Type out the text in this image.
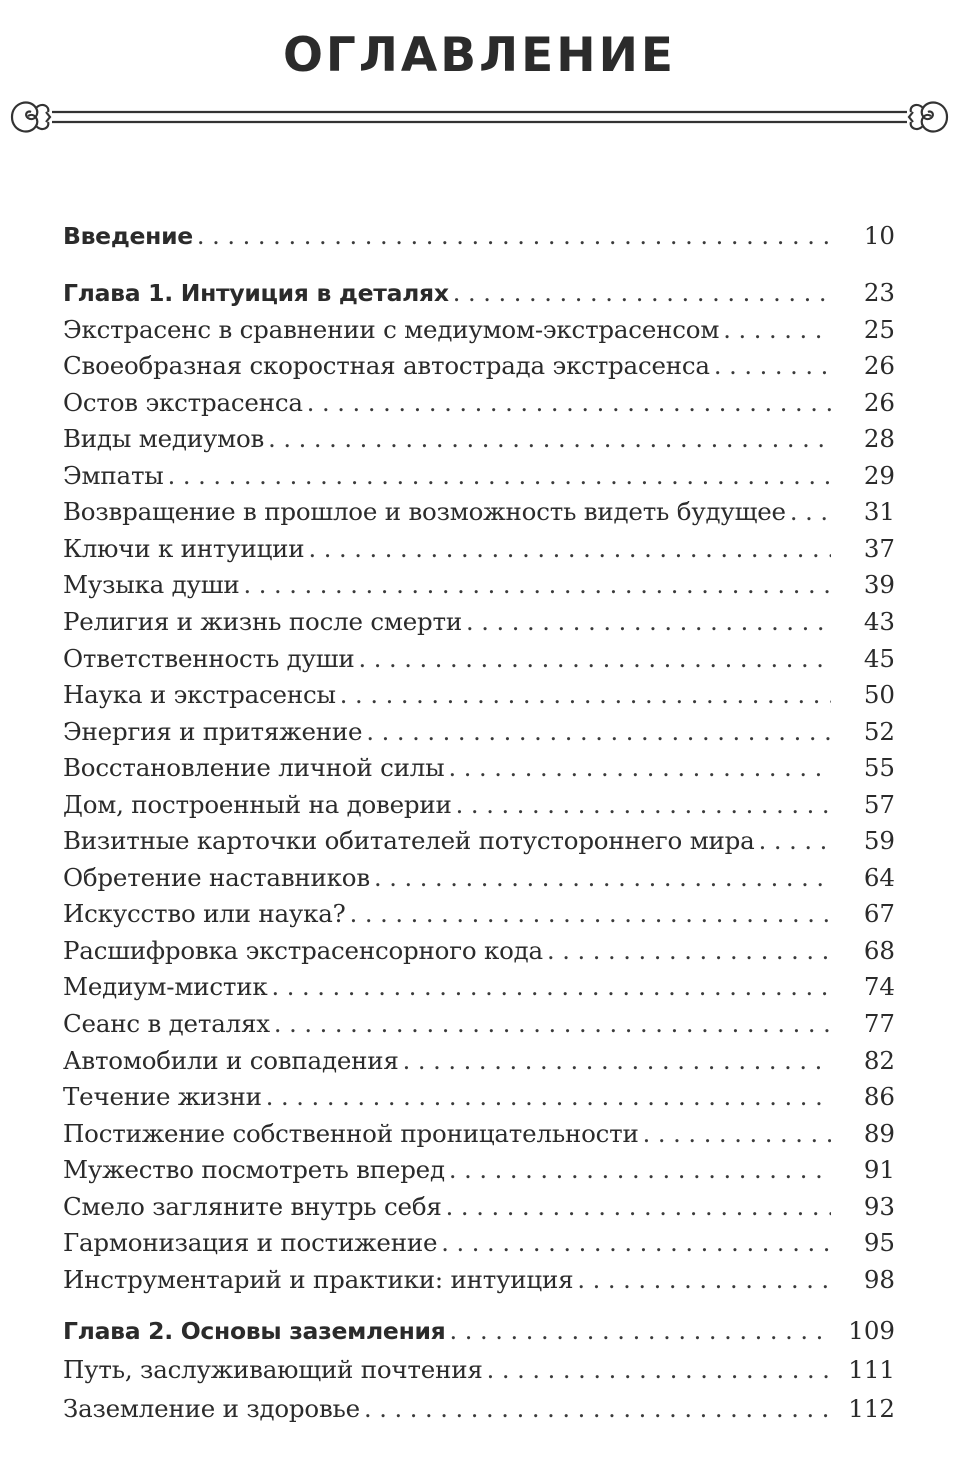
ОГЛАВЛЕНИЕ
Введение . . .	10
Глава 1. Интуиция в деталях . . .	23
Экстрасенс в сравнении с медиумом-экстрасенсом . . .	25
Своеобразная скоростная автострада экстрасенса . . .	26
Остов экстрасенса . . .	26
Виды медиумов . . .	28
Эмпаты . . .	29
Возвращение в прошлое и возможность видеть будущее . . .	31
Ключи к интуиции . . .	37
Музыка души . . .	39
Религия и жизнь после смерти . . .	43
Ответственность души . . .	45
Наука и экстрасенсы . . .	50
Энергия и притяжение . . .	52
Восстановление личной силы . . .	55
Дом, построенный на доверии . . .	57
Визитные карточки обитателей потустороннего мира . . .	59
Обретение наставников . . .	64
Искусство или наука? . . .	67
Расшифровка экстрасенсорного кода . . .	68
Медиум-мистик . . .	74
Сеанс в деталях . . .	77
Автомобили и совпадения . . .	82
Течение жизни . . .	86
Постижение собственной проницательности . . .	89
Мужество посмотреть вперед . . .	91
Смело загляните внутрь себя . . .	93
Гармонизация и постижение . . .	95
Инструментарий и практики: интуиция . . .	98
Глава 2. Основы заземления . . .	109
Путь, заслуживающий почтения . . .	111
Заземление и здоровье . . .	112
